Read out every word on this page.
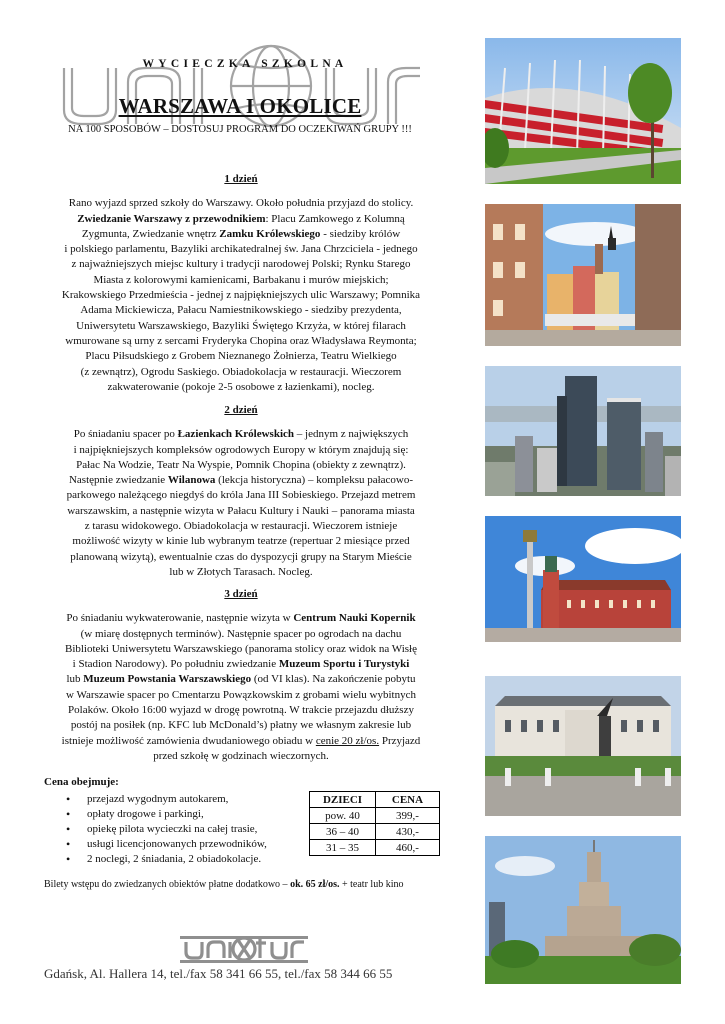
WYCIECZKA SZKOLNA
WARSZAWA I OKOLICE
NA 100 SPOSOBÓW – DOSTOSUJ PROGRAM DO OCZEKIWAŃ GRUPY !!!
1 dzień

Rano wyjazd sprzed szkoły do Warszawy. Około południa przyjazd do stolicy.
Zwiedzanie Warszawy z przewodnikiem: Placu Zamkowego z Kolumną
Zygmunta, Zwiedzanie wnętrz Zamku Królewskiego - siedziby królów
i polskiego parlamentu, Bazyliki archikatedralnej św. Jana Chrzciciela - jednego
z najważniejszych miejsc kultury i tradycji narodowej Polski; Rynku Starego
Miasta z kolorowymi kamienicami, Barbakanu i murów miejskich;
Krakowskiego Przedmieścia - jednej z najpiękniejszych ulic Warszawy; Pomnika
Adama Mickiewicza, Pałacu Namiestnikowskiego - siedziby prezydenta,
Uniwersytetu Warszawskiego, Bazyliki Świętego Krzyża, w której filarach
wmurowane są urny z sercami Fryderyka Chopina oraz Władysława Reymonta;
Placu Piłsudskiego z Grobem Nieznanego Żołnierza, Teatru Wielkiego
(z zewnątrz), Ogrodu Saskiego. Obiadokolacja w restauracji. Wieczorem
zakwaterowanie (pokoje 2-5 osobowe z łazienkami), nocleg.

2 dzień

Po śniadaniu spacer po Łazienkach Królewskich – jednym z największych
i najpiękniejszych kompleksów ogrodowych Europy w którym znajdują się:
Pałac Na Wodzie, Teatr Na Wyspie, Pomnik Chopina (obiekty z zewnątrz).
Następnie zwiedzanie Wilanowa (lekcja historyczna) – kompleksu pałacowo-
parkowego należącego niegdyś do króla Jana III Sobieskiego. Przejazd metrem
warszawskim, a następnie wizyta w Pałacu Kultury i Nauki – panorama miasta
z tarasu widokowego. Obiadokolacja w restauracji. Wieczorem istnieje
możliwość wizyty w kinie lub wybranym teatrze (repertuar 2 miesiące przed
planowaną wizytą), ewentualnie czas do dyspozycji grupy na Starym Mieście
lub w Złotych Tarasach. Nocleg.

3 dzień

Po śniadaniu wykwaterowanie, następnie wizyta w Centrum Nauki Kopernik
(w miarę dostępnych terminów). Następnie spacer po ogrodach na dachu
Biblioteki Uniwersytetu Warszawskiego (panorama stolicy oraz widok na Wisłę
i Stadion Narodowy). Po południu zwiedzanie Muzeum Sportu i Turystyki
lub Muzeum Powstania Warszawskiego (od VI klas). Na zakończenie pobytu
w Warszawie spacer po Cmentarzu Powązkowskim z grobami wielu wybitnych
Polaków. Około 16:00 wyjazd w drogę powrotną. W trakcie przejazdu dłuższy
postój na posiłek (np. KFC lub McDonald’s) płatny we własnym zakresie lub
istnieje możliwość zamówienia dwudaniowego obiadu w cenie 20 zł/os. Przyjazd
przed szkołę w godzinach wieczornych.

Cena obejmuje:
• przejazd wygodnym autokarem,
• opłaty drogowe i parkingi,
• opiekę pilota wycieczki na całej trasie,
• usługi licencjonowanych przewodników,
• 2 noclegi, 2 śniadania, 2 obiadokolacje.
DZIECI	CENA
pow. 40	399,-
36 – 40	430,-
31 – 35	460,-
Bilety wstępu do zwiedzanych obiektów płatne dodatkowo – ok. 65 zł/os. + teatr lub kino
Gdańsk, Al. Hallera 14, tel./fax 58 341 66 55, tel./fax 58 344 66 55
